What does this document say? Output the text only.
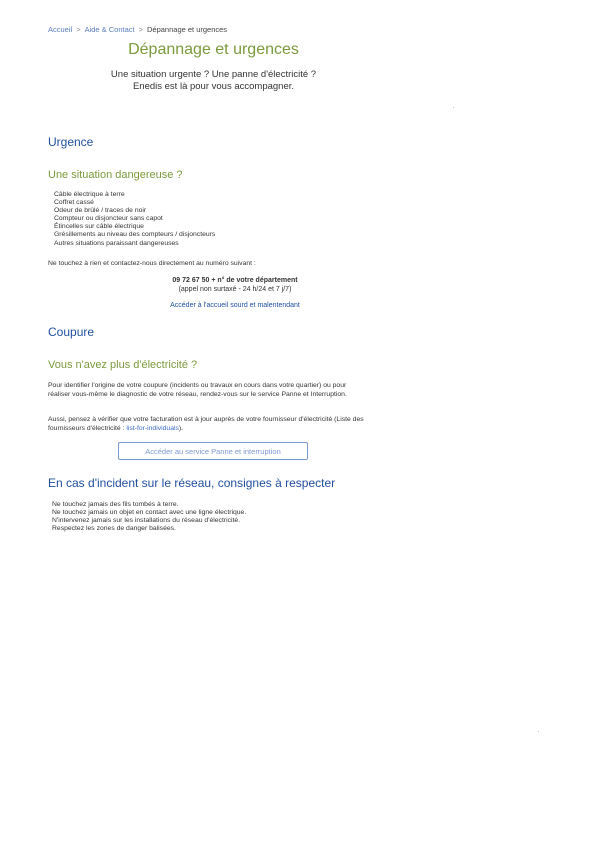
Accueil > Aide & Contact > Dépannage et urgences
Dépannage et urgences
Une situation urgente ? Une panne d'électricité ?
Enedis est là pour vous accompagner.
Urgence
Une situation dangereuse ?
Câble électrique à terre
Coffret cassé
Odeur de brûlé / traces de noir
Compteur ou disjoncteur sans capot
Étincelles sur câble électrique
Grésillements au niveau des compteurs / disjoncteurs
Autres situations paraissant dangereuses
Ne touchez à rien et contactez-nous directement au numéro suivant :
09 72 67 50 + n° de votre département
(appel non surtaxé - 24 h/24 et 7 j/7)
Accéder à l'accueil sourd et malentendant
Coupure
Vous n'avez plus d'électricité ?
Pour identifier l'origine de votre coupure (incidents ou travaux en cours dans votre quartier) ou pour réaliser vous-même le diagnostic de votre réseau, rendez-vous sur le service Panne et Interruption.
Aussi, pensez à vérifier que votre facturation est à jour auprès de votre fournisseur d'électricité (Liste des fournisseurs d'électricité : list-for-individuals).
Accéder au service Panne et interruption
En cas d'incident sur le réseau, consignes à respecter
Ne touchez jamais des fils tombés à terre.
Ne touchez jamais un objet en contact avec une ligne électrique.
N'intervenez jamais sur les installations du réseau d'électricité.
Respectez les zones de danger balisées.
